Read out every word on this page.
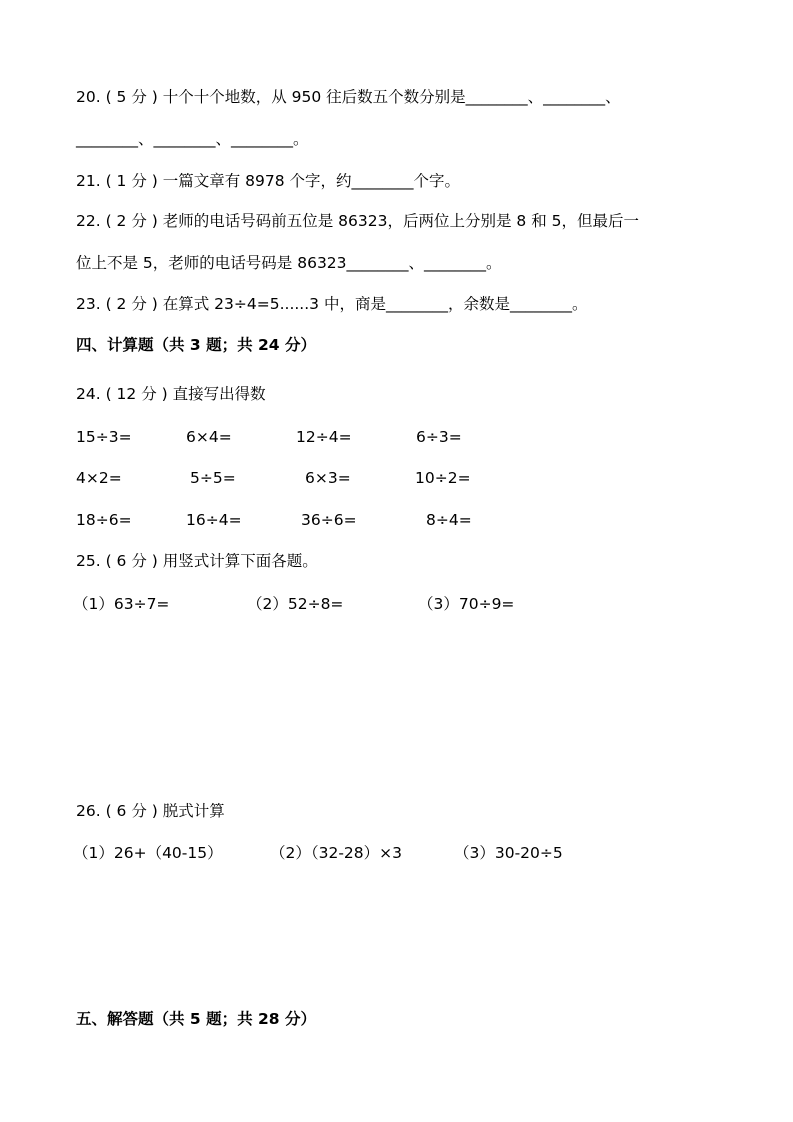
20. ( 5 分 ) 十个十个地数，从 950 往后数五个数分别是________、________、
________、________、________。
21. ( 1 分 ) 一篇文章有 8978 个字，约________个字。
22. ( 2 分 ) 老师的电话号码前五位是 86323，后两位上分别是 8 和 5，但最后一
位上不是 5，老师的电话号码是 86323________、________。
23. ( 2 分 ) 在算式 23÷4=5......3 中，商是________，余数是________。
四、计算题（共 3 题；共 24 分）
24. ( 12 分 ) 直接写出得数
15÷3=	6×4=	12÷4=	6÷3=
4×2=	5÷5=	6×3=	10÷2=
18÷6=	16÷4=	36÷6=	8÷4=
25. ( 6 分 ) 用竖式计算下面各题。
（1）63÷7=	（2）52÷8=	（3）70÷9=
26. ( 6 分 ) 脱式计算
（1）26+（40-15）	（2）（32-28）×3	（3）30-20÷5
五、解答题（共 5 题；共 28 分）
